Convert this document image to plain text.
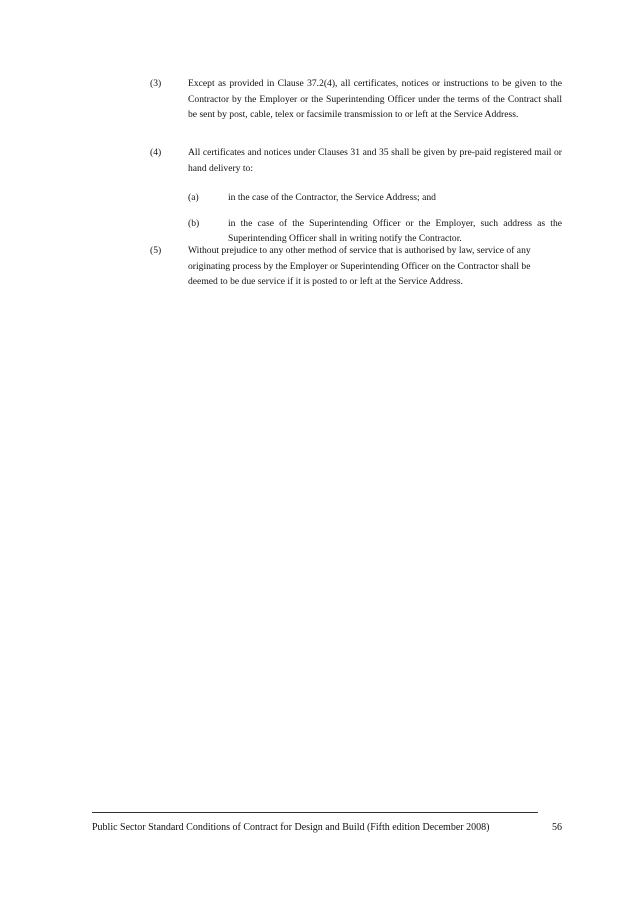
(3)	Except as provided in Clause 37.2(4), all certificates, notices or instructions to be given to the Contractor by the Employer or the Superintending Officer under the terms of the Contract shall be sent by post, cable, telex or facsimile transmission to or left at the Service Address.
(4)	All certificates and notices under Clauses 31 and 35 shall be given by pre-paid registered mail or hand delivery to:
(a)	in the case of the Contractor, the Service Address; and
(b)	in the case of the Superintending Officer or the Employer, such address as the Superintending Officer shall in writing notify the Contractor.
(5)	Without prejudice to any other method of service that is authorised by law, service of any originating process by the Employer or Superintending Officer on the Contractor shall be deemed to be due service if it is posted to or left at the Service Address.
Public Sector Standard Conditions of Contract for Design and Build (Fifth edition December 2008)	56
